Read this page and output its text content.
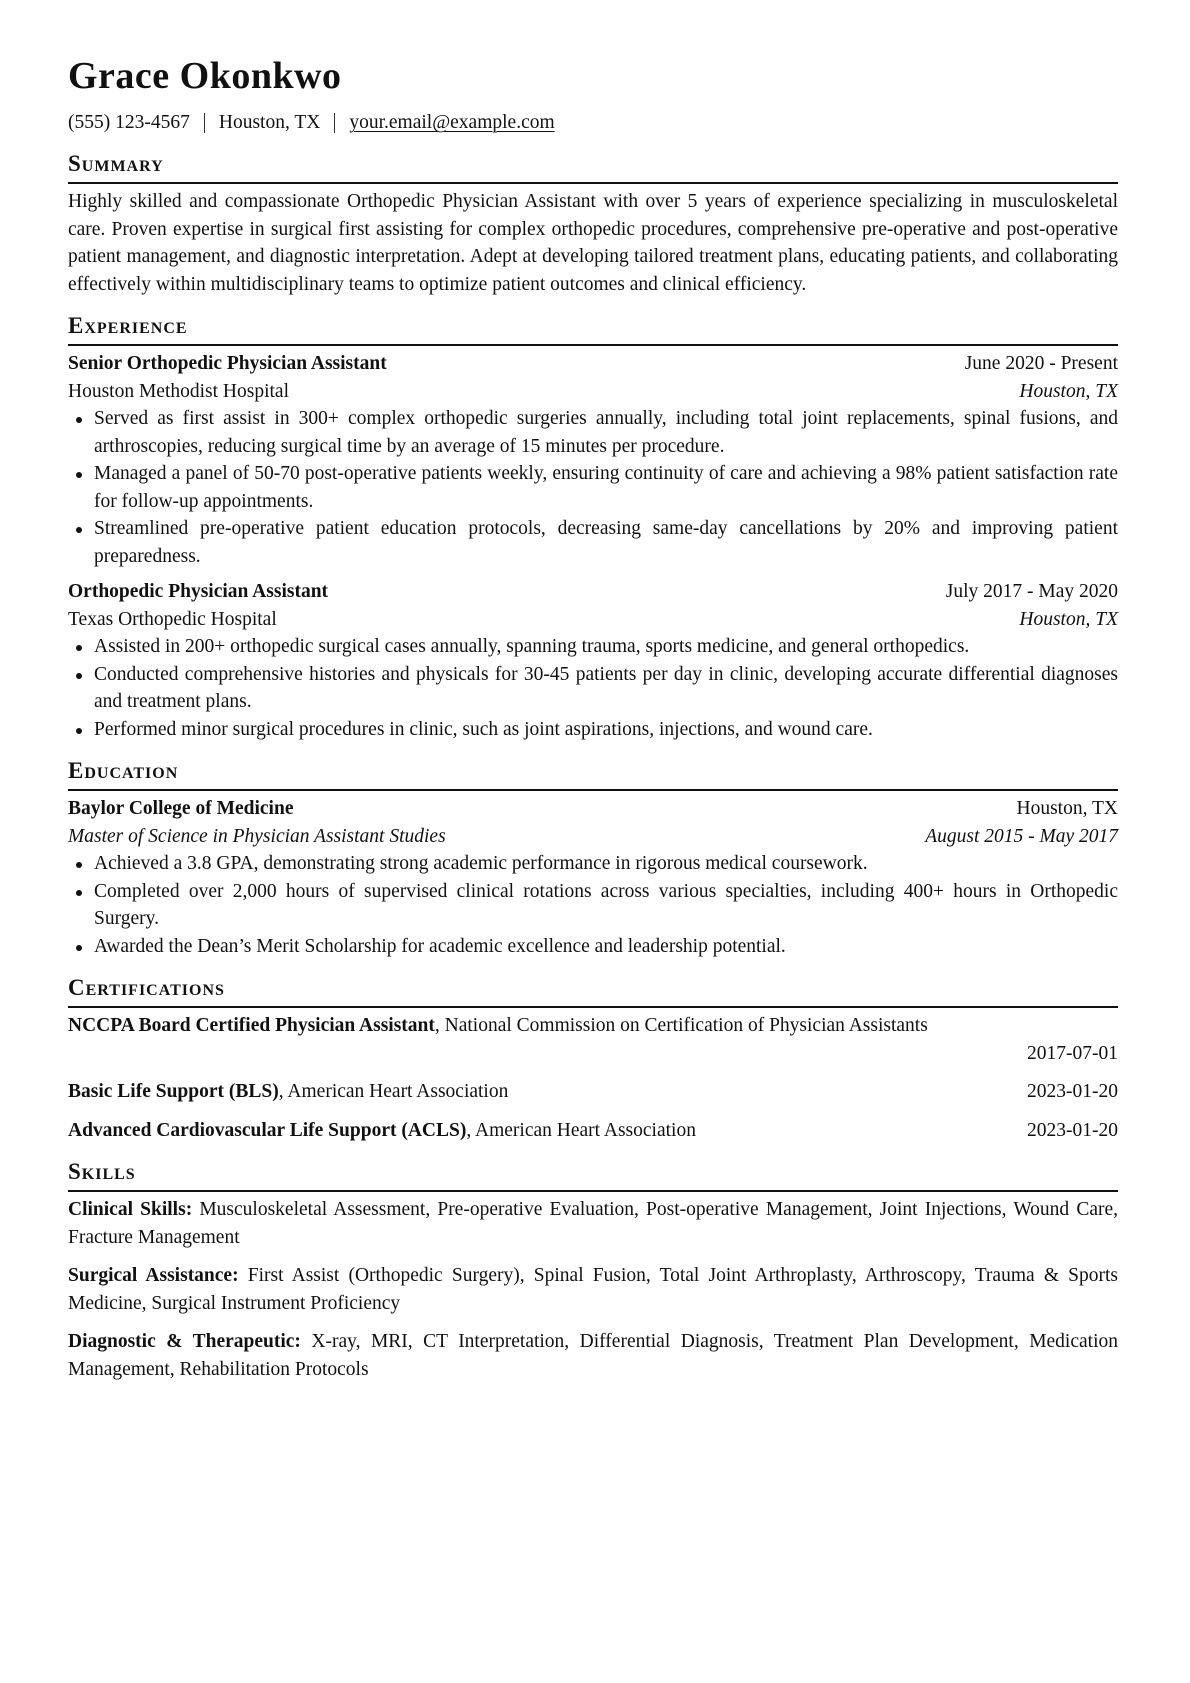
Grace Okonkwo
(555) 123-4567 Houston, TX your.email@example.com
Summary

Highly skilled and compassionate Orthopedic Physician Assistant with over 5 years of experience specializing in musculoskeletal care. Proven expertise in surgical first assisting for complex orthopedic procedures, comprehensive pre-operative and post-operative patient management, and diagnostic interpretation. Adept at developing tailored treatment plans, educating patients, and collaborating effectively within multidisciplinary teams to optimize patient outcomes and clinical efficiency.

Experience
Senior Orthopedic Physician Assistant	June 2020 - Present
Houston Methodist Hospital	Houston, TX
Served as first assist in 300+ complex orthopedic surgeries annually, including total joint replacements, spinal fusions, and arthroscopies, reducing surgical time by an average of 15 minutes per procedure.
Managed a panel of 50-70 post-operative patients weekly, ensuring continuity of care and achieving a 98% patient satisfaction rate for follow-up appointments.
Streamlined pre-operative patient education protocols, decreasing same-day cancellations by 20% and improving patient preparedness.
Orthopedic Physician Assistant	July 2017 - May 2020
Texas Orthopedic Hospital	Houston, TX
Assisted in 200+ orthopedic surgical cases annually, spanning trauma, sports medicine, and general orthopedics.
Conducted comprehensive histories and physicals for 30-45 patients per day in clinic, developing accurate differential diagnoses and treatment plans.
Performed minor surgical procedures in clinic, such as joint aspirations, injections, and wound care.
Education
Baylor College of Medicine	Houston, TX
Master of Science in Physician Assistant Studies	August 2015 - May 2017
Achieved a 3.8 GPA, demonstrating strong academic performance in rigorous medical coursework.
Completed over 2,000 hours of supervised clinical rotations across various specialties, including 400+ hours in Orthopedic Surgery.
Awarded the Dean’s Merit Scholarship for academic excellence and leadership potential.
Certifications
NCCPA Board Certified Physician Assistant, National Commission on Certification of Physician Assistants
2017-07-01
Basic Life Support (BLS), American Heart Association	2023-01-20
Advanced Cardiovascular Life Support (ACLS), American Heart Association	2023-01-20
Skills
Clinical Skills: Musculoskeletal Assessment, Pre-operative Evaluation, Post-operative Management, Joint Injections, Wound Care, Fracture Management
Surgical Assistance: First Assist (Orthopedic Surgery), Spinal Fusion, Total Joint Arthroplasty, Arthroscopy, Trauma & Sports Medicine, Surgical Instrument Proficiency
Diagnostic & Therapeutic: X-ray, MRI, CT Interpretation, Differential Diagnosis, Treatment Plan Development, Medication Management, Rehabilitation Protocols
